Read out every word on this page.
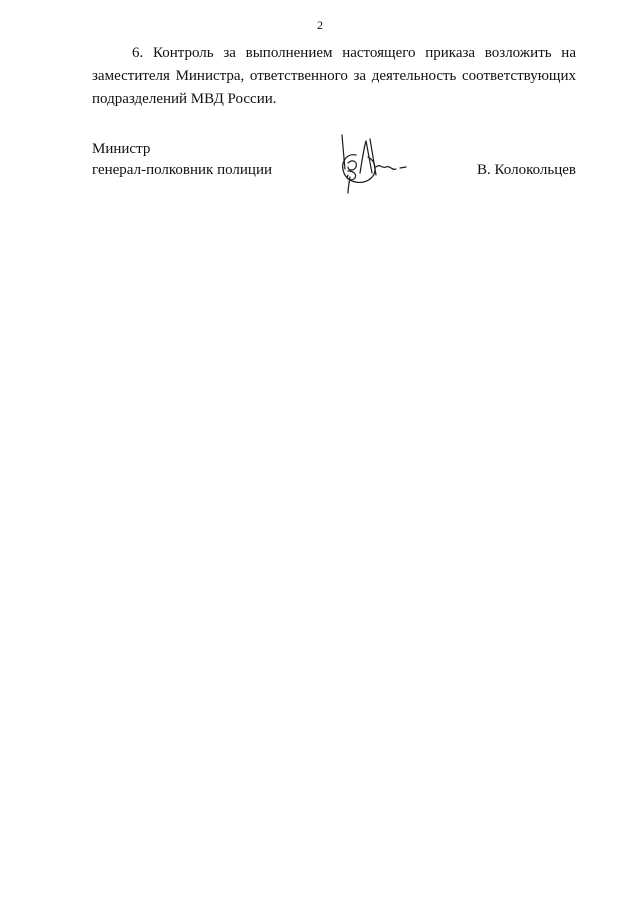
2

6. Контроль за выполнением настоящего приказа возложить на заместителя Министра, ответственного за деятельность соответствующих подразделений МВД России.

Министр
генерал-полковник полиции	В. Колокольцев
